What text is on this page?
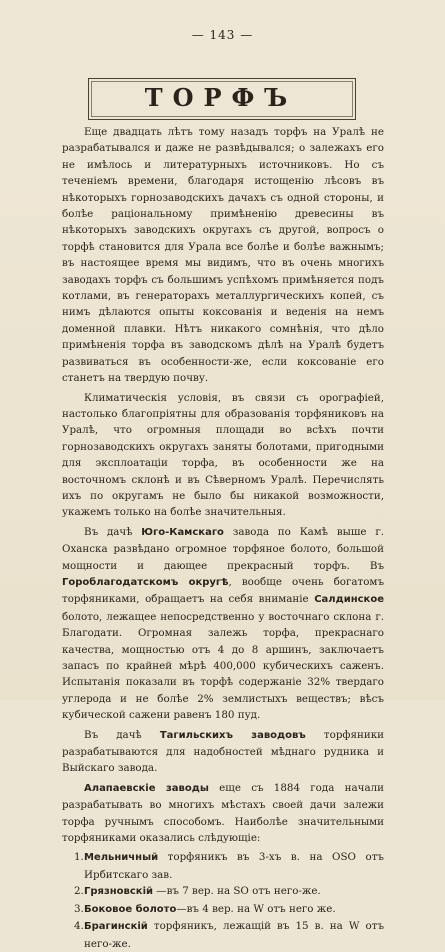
— 143 —
ТОРФЪ

Еще двадцать лѣтъ тому назадъ торфъ на Уралѣ не разрабатывался и даже не развѣдывался; о залежахъ его не имѣлось и литературныхъ источниковъ. Но съ теченіемъ времени, благодаря истощенію лѣсовъ въ нѣкоторыхъ горнозаводскихъ дачахъ съ одной стороны, и болѣе раціональному примѣненію древесины въ нѣкоторыхъ заводскихъ округахъ съ другой, вопросъ о торфѣ становится для Урала все болѣе и болѣе важнымъ; въ настоящее время мы видимъ, что въ очень многихъ заводахъ торфъ съ большимъ успѣхомъ примѣняется подъ котлами, въ генераторахъ металлургическихъ копей, съ нимъ дѣлаются опыты коксованія и веденія на немъ доменной плавки. Нѣтъ никакого сомнѣнія, что дѣло примѣненія торфа въ заводскомъ дѣлѣ на Уралѣ будетъ развиваться въ особенности-же, если коксованіе его станетъ на твердую почву.

Климатическія условія, въ связи съ орографіей, настолько благопріятны для образованія торфяниковъ на Уралѣ, что огромныя площади во всѣхъ почти горнозаводскихъ округахъ заняты болотами, пригодными для эксплоатаціи торфа, въ особенности же на восточномъ склонѣ и въ Сѣверномъ Уралѣ. Перечислять ихъ по округамъ не было бы никакой возможности, укажемъ только на болѣе значительныя.

Въ дачѣ Юго-Камскаго завода по Камѣ выше г. Оханска развѣдано огромное торфяное болото, большой мощности и дающее прекрасный торфъ. Въ Гороблагодатскомъ округѣ, вообще очень богатомъ торфяниками, обращаетъ на себя вниманіе Салдинское болото, лежащее непосредственно у восточнаго склона г. Благодати. Огромная залежь торфа, прекраснаго качества, мощностью отъ 4 до 8 аршинъ, заключаетъ запасъ по крайней мѣрѣ 400,000 кубическихъ саженъ. Испытанія показали въ торфѣ содержаніе 32% твердаго углерода и не болѣе 2% землистыхъ веществъ; вѣсъ кубической сажени равенъ 180 пуд.

Въ дачѣ Тагильскихъ заводовъ торфяники разрабатываются для надобностей мѣднаго рудника и Выйскаго завода.

Алапаевскіе заводы еще съ 1884 года начали разрабатывать во многихъ мѣстахъ своей дачи залежи торфа ручнымъ способомъ. Наиболѣе значительными торфяниками оказались слѣдующіе:

1. Мельничный торфяникъ въ 3-хъ в. на OSO отъ Ирбитскаго зав.

2. Грязновскій —въ 7 вер. на SO отъ него-же.

3. Боковое болото—въ 4 вер. на W отъ него же.

4. Брагинскій торфяникъ, лежащій въ 15 в. на W отъ него-же.
